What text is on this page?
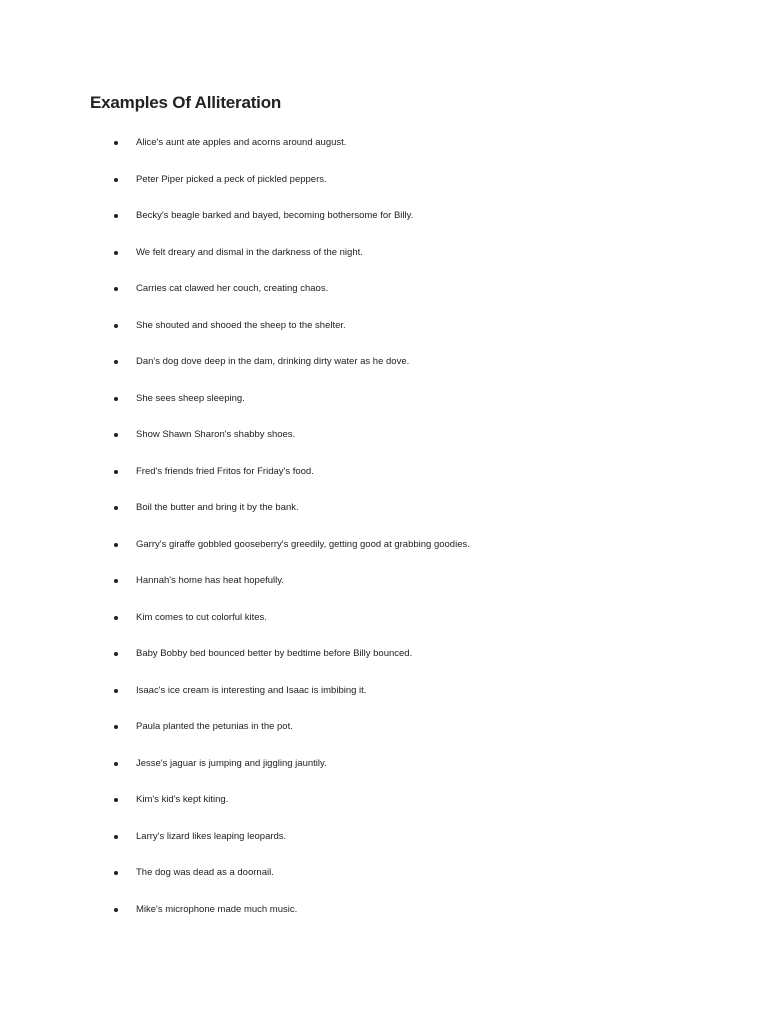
Examples Of Alliteration
Alice's aunt ate apples and acorns around august.
Peter Piper picked a peck of pickled peppers.
Becky's beagle barked and bayed, becoming bothersome for Billy.
We felt dreary and dismal in the darkness of the night.
Carries cat clawed her couch, creating chaos.
She shouted and shooed the sheep to the shelter.
Dan's dog dove deep in the dam, drinking dirty water as he dove.
She sees sheep sleeping.
Show Shawn Sharon's shabby shoes.
Fred's friends fried Fritos for Friday's food.
Boil the butter and bring it by the bank.
Garry's giraffe gobbled gooseberry's greedily, getting good at grabbing goodies.
Hannah's home has heat hopefully.
Kim comes to cut colorful kites.
Baby Bobby bed bounced better by bedtime before Billy bounced.
Isaac's ice cream is interesting and Isaac is imbibing it.
Paula planted the petunias in the pot.
Jesse's jaguar is jumping and jiggling jauntily.
Kim's kid's kept kiting.
Larry's lizard likes leaping leopards.
The dog was dead as a doornail.
Mike's microphone made much music.
